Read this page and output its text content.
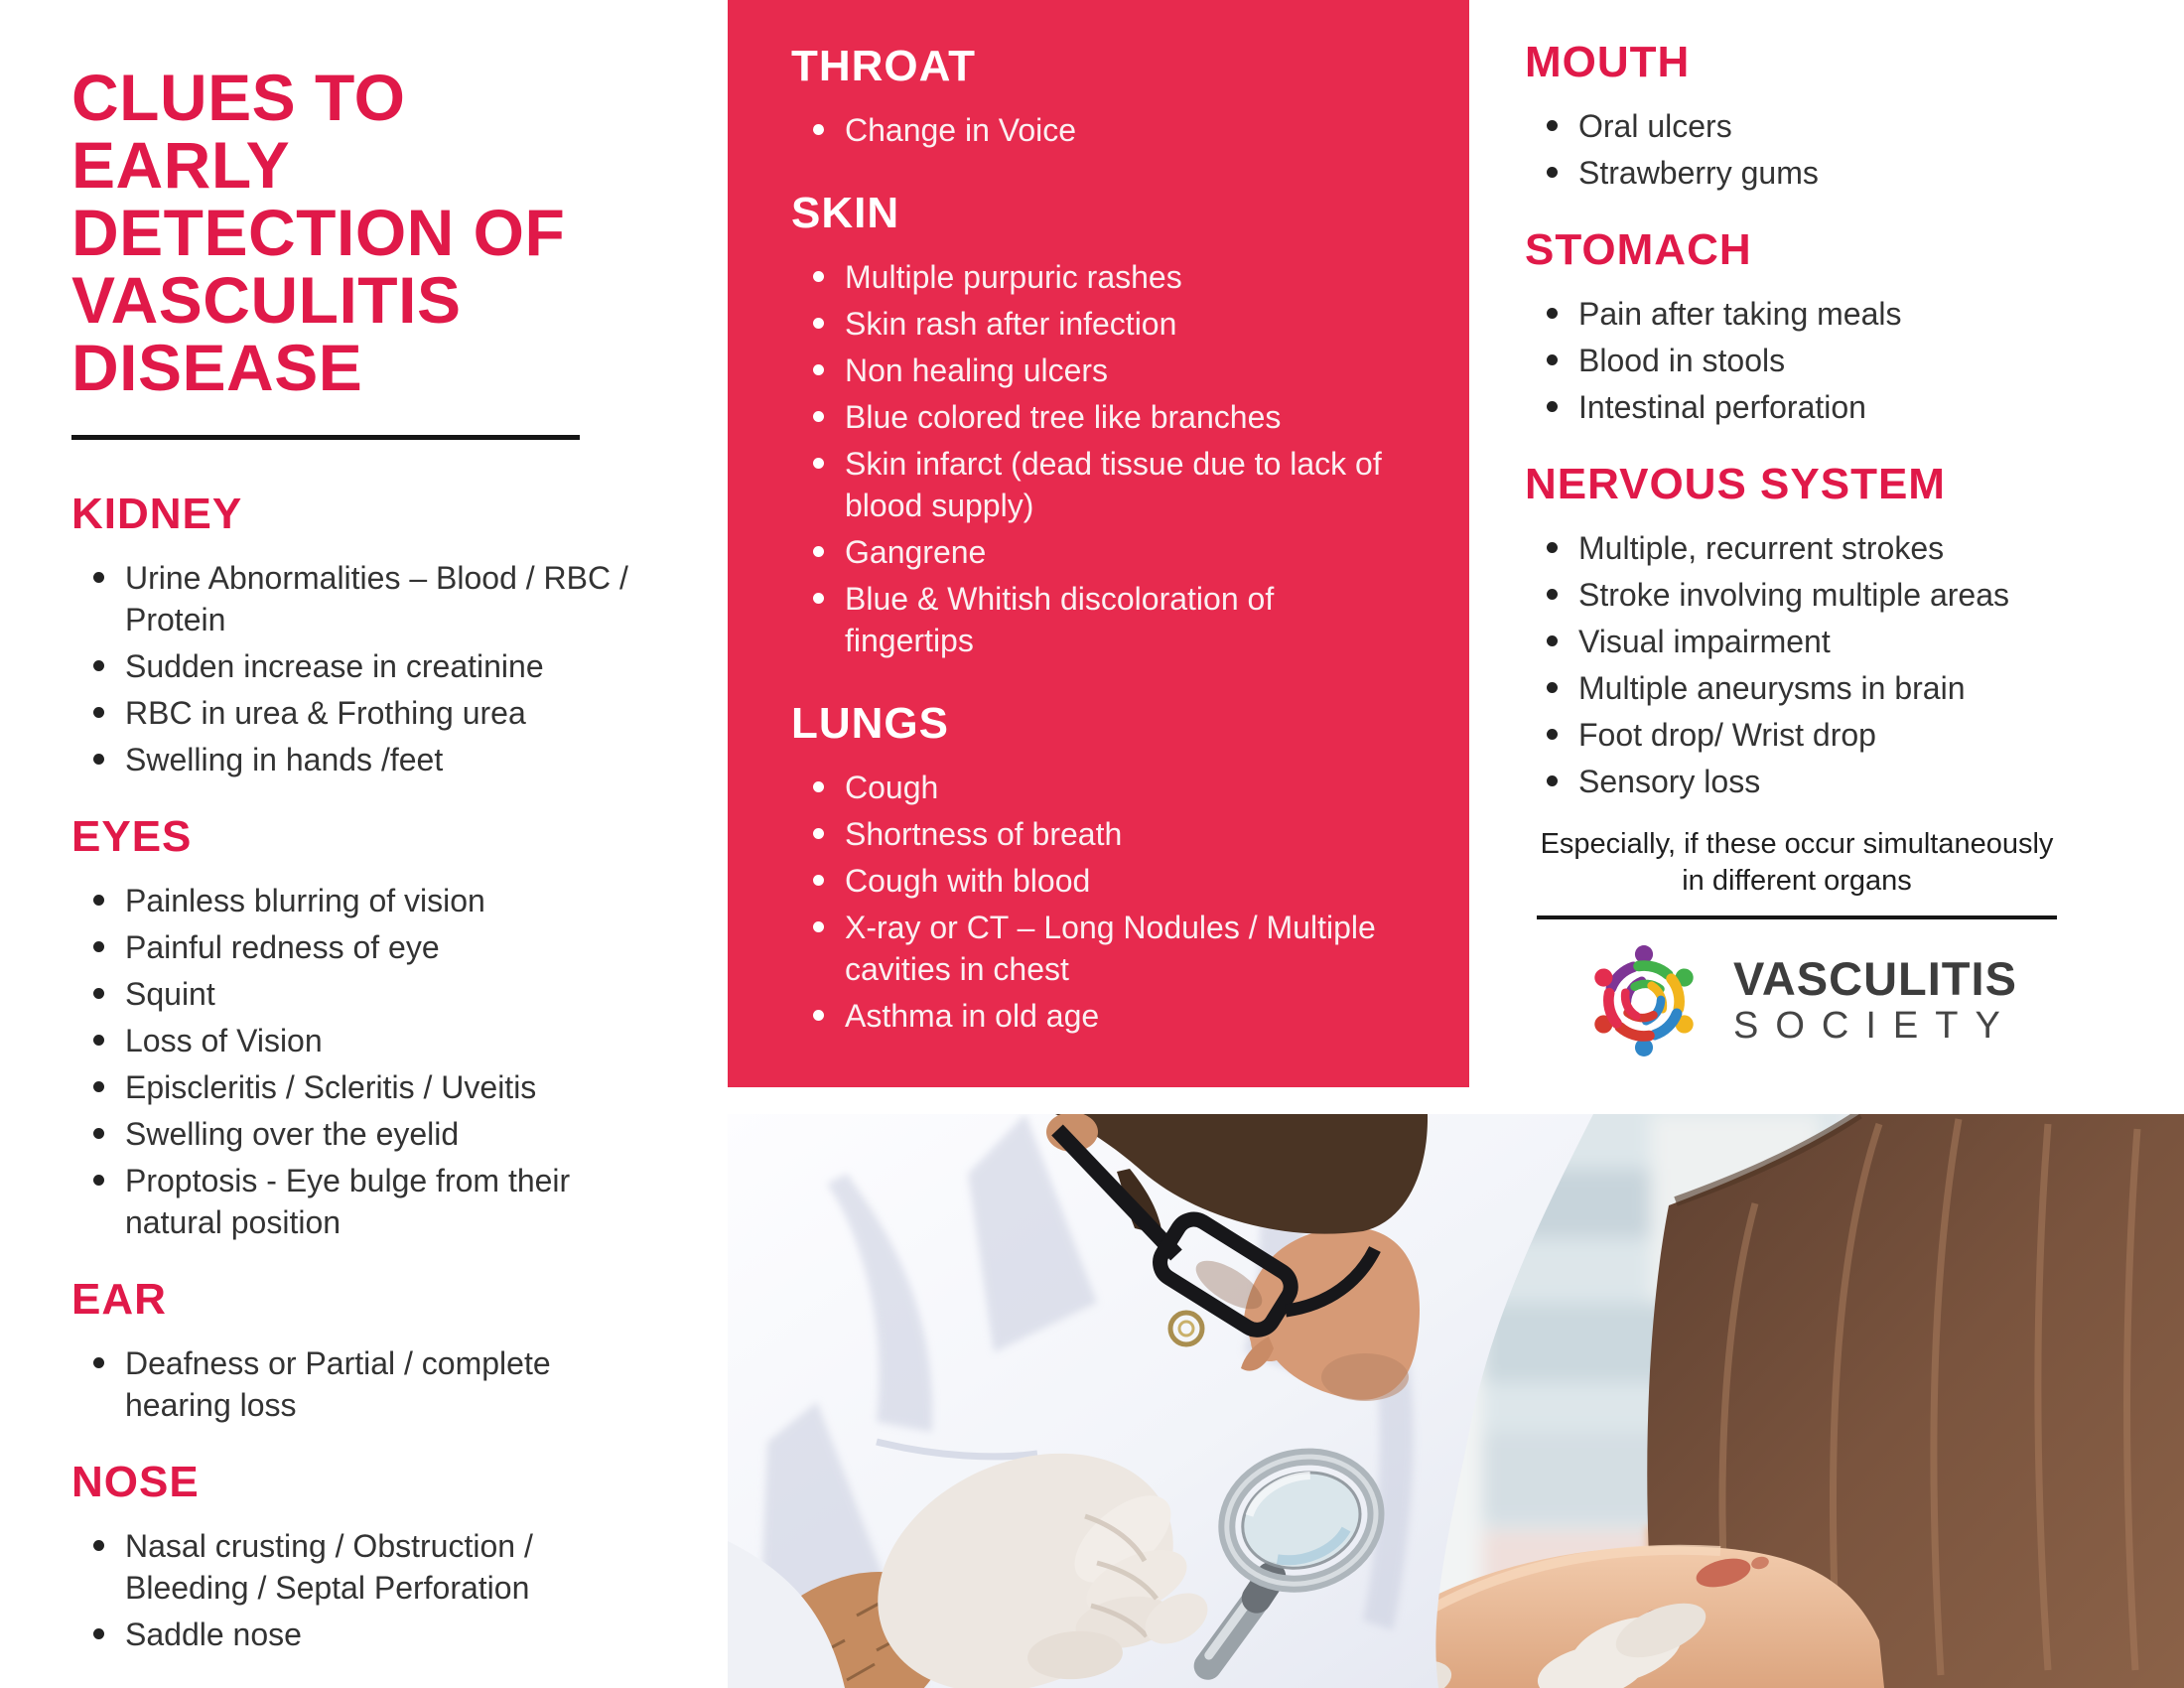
CLUES TO
EARLY
DETECTION OF
VASCULITIS
DISEASE
KIDNEY
Urine Abnormalities – Blood / RBC / Protein
Sudden increase in creatinine
RBC in urea & Frothing urea
Swelling in hands /feet
EYES
Painless blurring of vision
Painful redness of eye
Squint
Loss of Vision
Episcleritis / Scleritis / Uveitis
Swelling over the eyelid
Proptosis - Eye bulge from their natural position
EAR
Deafness or Partial / complete hearing loss
NOSE
Nasal crusting / Obstruction / Bleeding / Septal Perforation
Saddle nose
THROAT
Change in Voice
SKIN
Multiple purpuric rashes
Skin rash after infection
Non healing ulcers
Blue colored tree like branches
Skin infarct (dead tissue due to lack of blood supply)
Gangrene
Blue & Whitish discoloration of fingertips
LUNGS
Cough
Shortness of breath
Cough with blood
X-ray or CT – Long Nodules / Multiple cavities in chest
Asthma in old age
MOUTH
Oral ulcers
Strawberry gums
STOMACH
Pain after taking meals
Blood in stools
Intestinal perforation
NERVOUS SYSTEM
Multiple, recurrent strokes
Stroke involving multiple areas
Visual impairment
Multiple aneurysms in brain
Foot drop/ Wrist drop
Sensory loss
Especially, if these occur simultaneously in different organs
VASCULITIS
SOCIETY
